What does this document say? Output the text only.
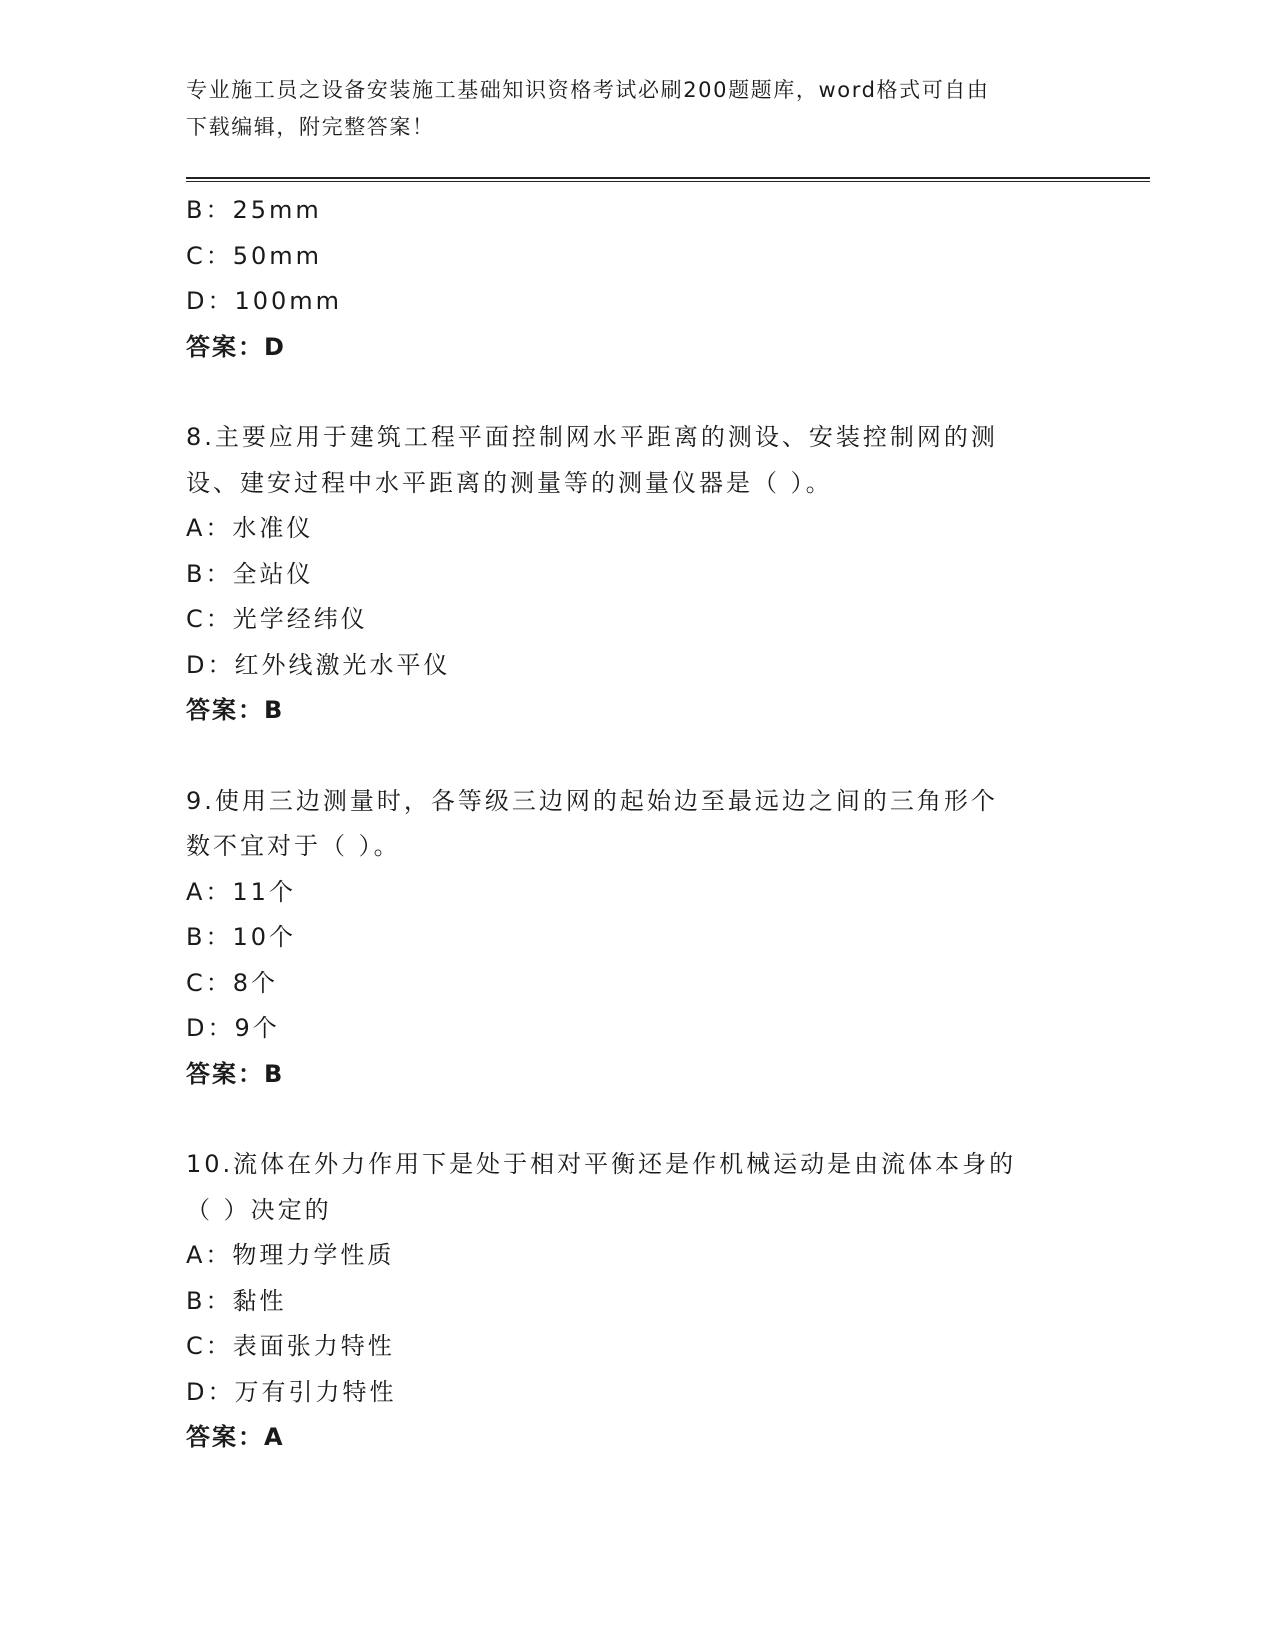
专业施工员之设备安装施工基础知识资格考试必刷200题题库，word格式可自由
下载编辑，附完整答案！
B：25mm
C：50mm
D：100mm
答案：D
8.主要应用于建筑工程平面控制网水平距离的测设、安装控制网的测
设、建安过程中水平距离的测量等的测量仪器是（ ）。
A：水准仪
B：全站仪
C：光学经纬仪
D：红外线激光水平仪
答案：B
9.使用三边测量时，各等级三边网的起始边至最远边之间的三角形个
数不宜对于（ ）。
A：11个
B：10个
C：8个
D：9个
答案：B
10.流体在外力作用下是处于相对平衡还是作机械运动是由流体本身的
（ ）决定的
A：物理力学性质
B：黏性
C：表面张力特性
D：万有引力特性
答案：A
